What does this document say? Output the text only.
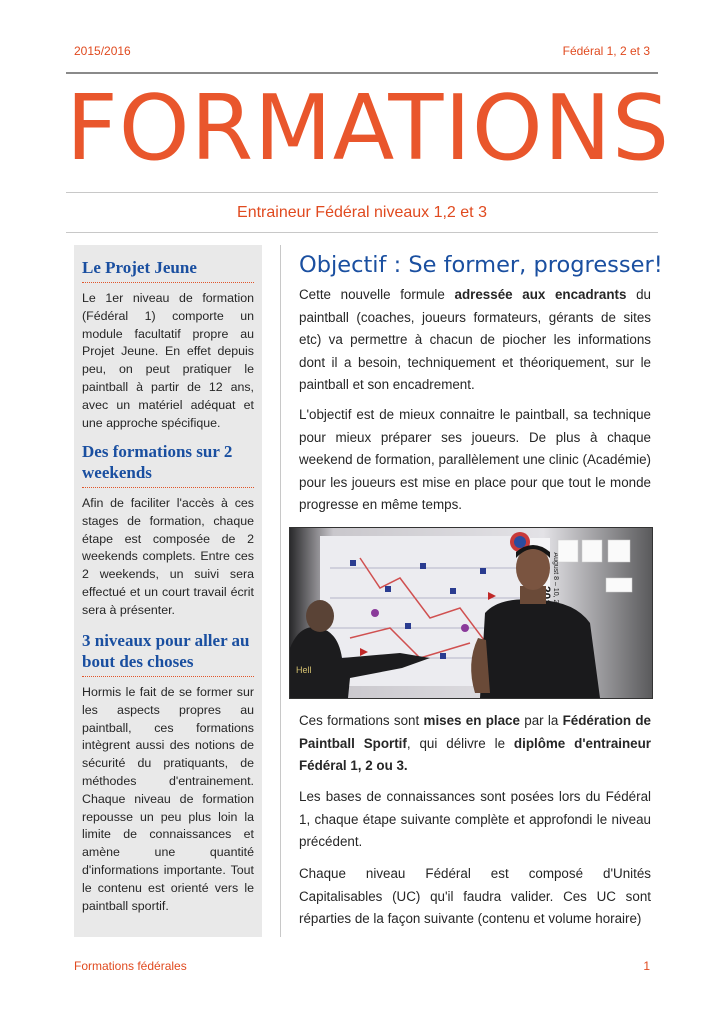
2015/2016	Fédéral 1, 2 et 3
FORMATIONS
Entraineur Fédéral niveaux 1,2 et 3
Le Projet Jeune
Le 1er niveau de formation (Fédéral 1) comporte un module facultatif propre au Projet Jeune. En effet depuis peu, on peut pratiquer le paintball à partir de 12 ans, avec un matériel adéquat et une approche spécifique.
Des formations sur 2 weekends
Afin de faciliter l'accès à ces stages de formation, chaque étape est composée de 2 weekends complets. Entre ces 2 weekends, un suivi sera effectué et un court travail écrit sera à présenter.
3 niveaux pour aller au bout des choses
Hormis le fait de se former sur les aspects propres au paintball, ces formations intègrent aussi des notions de sécurité du pratiquants, de méthodes d'entrainement. Chaque niveau de formation repousse un peu plus loin la limite de connaissances et amène une quantité d'informations importante. Tout le contenu est orienté vers le paintball sportif.
Objectif : Se former, progresser!
Cette nouvelle formule adressée aux encadrants du paintball (coaches, joueurs formateurs, gérants de sites etc) va permettre à chacun de piocher les informations dont il a besoin, techniquement et théoriquement, sur le paintball et son encadrement.
L'objectif est de mieux connaitre le paintball, sa technique pour mieux préparer ses joueurs. De plus à chaque weekend de formation, parallèlement une clinic (Académie) pour les joueurs est mise en place pour que tout le monde progresse en même temps.
Hell
Ces formations sont mises en place par la Fédération de Paintball Sportif, qui délivre le diplôme d'entraineur Fédéral 1, 2 ou 3.
Les bases de connaissances sont posées lors du Fédéral 1, chaque étape suivante complète et approfondi le niveau précédent.
Chaque niveau Fédéral est composé d'Unités Capitalisables (UC) qu'il faudra valider. Ces UC sont réparties de la façon suivante (contenu et volume horaire)
Formations fédérales	1
